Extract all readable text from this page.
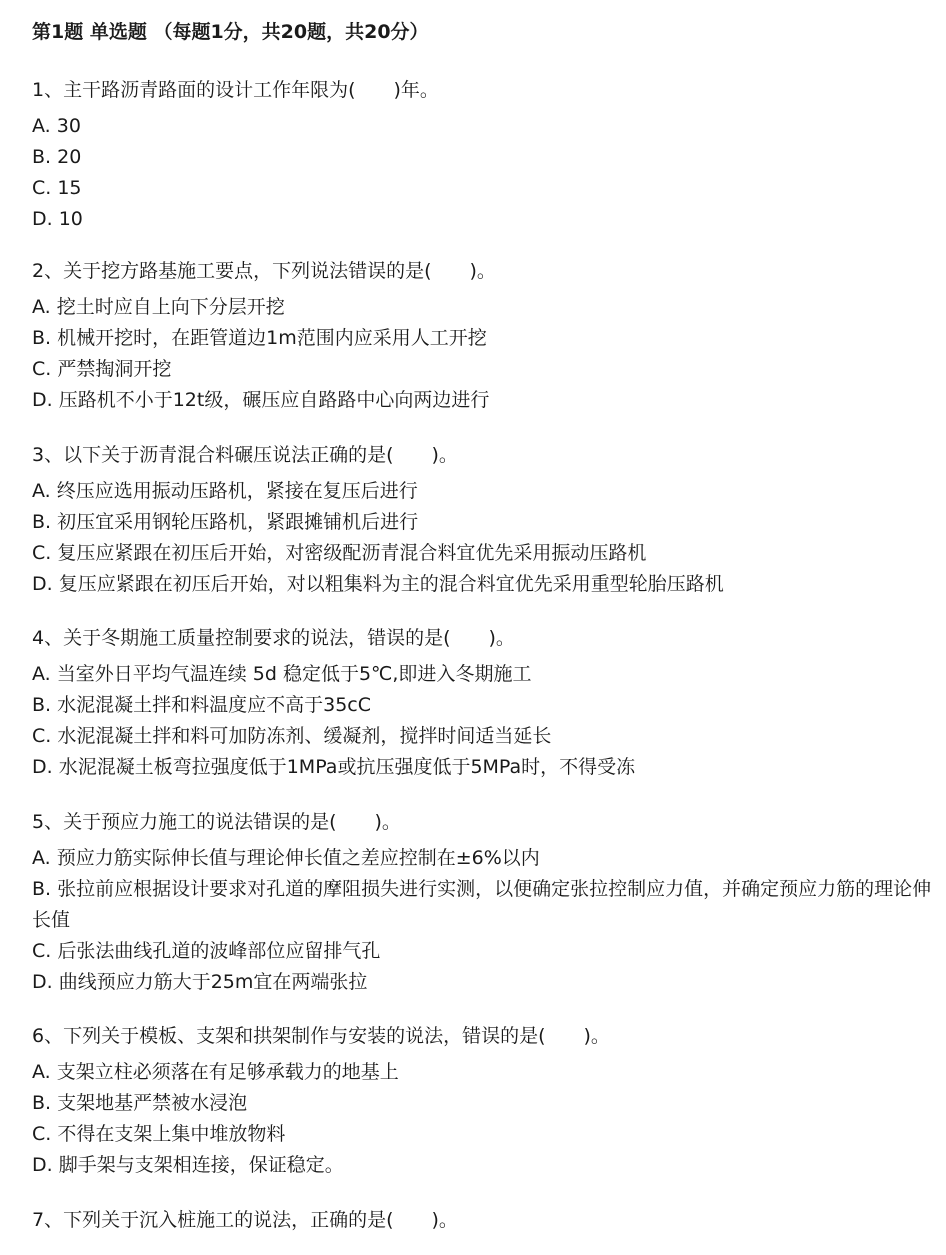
第1题 单选题 （每题1分，共20题，共20分）
1、主干路沥青路面的设计工作年限为(　　)年。
A. 30
B. 20
C. 15
D. 10
2、关于挖方路基施工要点，下列说法错误的是(　　)。
A. 挖土时应自上向下分层开挖
B. 机械开挖时，在距管道边1m范围内应采用人工开挖
C. 严禁掏洞开挖
D. 压路机不小于12t级，碾压应自路路中心向两边进行
3、以下关于沥青混合料碾压说法正确的是(　　)。
A. 终压应选用振动压路机，紧接在复压后进行
B. 初压宜采用钢轮压路机，紧跟摊铺机后进行
C. 复压应紧跟在初压后开始，对密级配沥青混合料宜优先采用振动压路机
D. 复压应紧跟在初压后开始，对以粗集料为主的混合料宜优先采用重型轮胎压路机
4、关于冬期施工质量控制要求的说法，错误的是(　　)。
A. 当室外日平均气温连续 5d 稳定低于5℃,即进入冬期施工
B. 水泥混凝土拌和料温度应不高于35cC
C. 水泥混凝土拌和料可加防冻剂、缓凝剂，搅拌时间适当延长
D. 水泥混凝土板弯拉强度低于1MPa或抗压强度低于5MPa时，不得受冻
5、关于预应力施工的说法错误的是(　　)。
A. 预应力筋实际伸长值与理论伸长值之差应控制在±6%以内
B. 张拉前应根据设计要求对孔道的摩阻损失进行实测，以便确定张拉控制应力值，并确定预应力筋的理论伸长值
C. 后张法曲线孔道的波峰部位应留排气孔
D. 曲线预应力筋大于25m宜在两端张拉
6、下列关于模板、支架和拱架制作与安装的说法，错误的是(　　)。
A. 支架立柱必须落在有足够承载力的地基上
B. 支架地基严禁被水浸泡
C. 不得在支架上集中堆放物料
D. 脚手架与支架相连接，保证稳定。
7、下列关于沉入桩施工的说法，正确的是(　　)。
